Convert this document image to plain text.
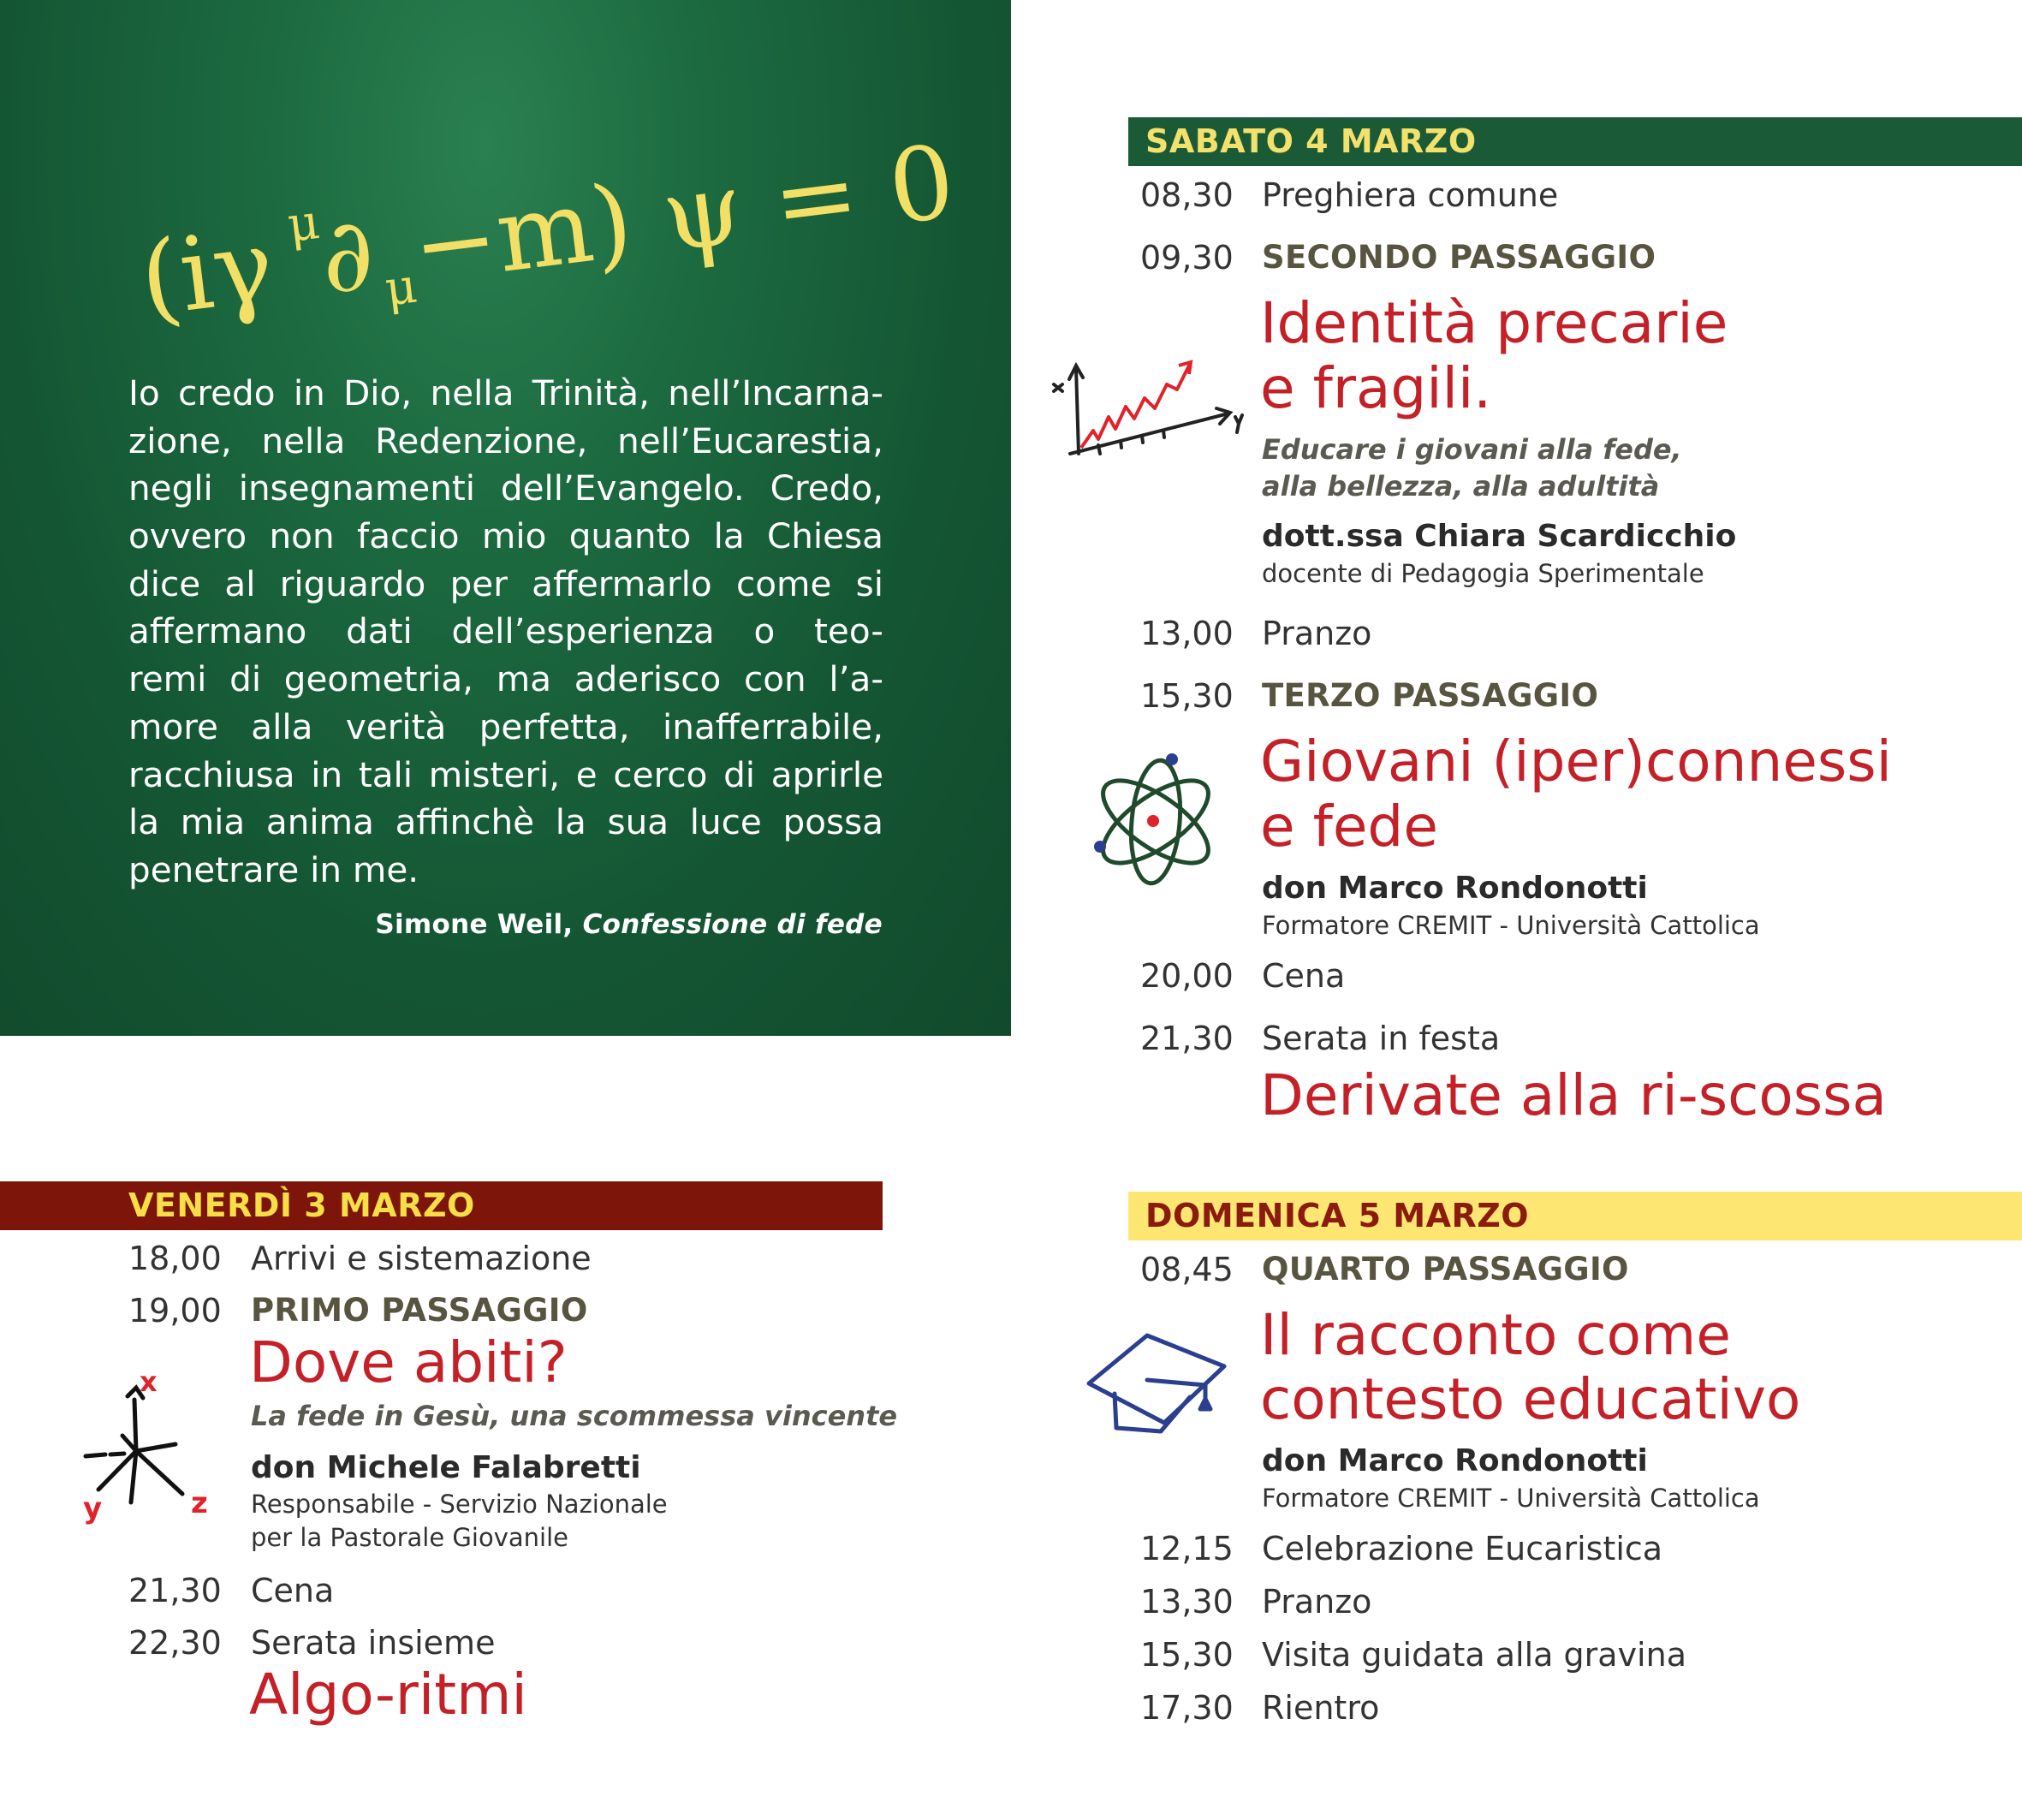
(iγ μ
∂ μ
−m) ψ = 0
Io credo in Dio, nella Trinità, nell’Incarna-
zione, nella Redenzione, nell’Eucarestia,
negli insegnamenti dell’Evangelo. Credo,
ovvero non faccio mio quanto la Chiesa
dice al riguardo per affermarlo come si
affermano dati dell’esperienza o teo-
remi di geometria, ma aderisco con l’a-
more alla verità perfetta, inafferrabile,
racchiusa in tali misteri, e cerco di aprirle
la mia anima affinchè la sua luce possa
penetrare in me.
Simone Weil, Confessione di fede
VENERDÌ 3 MARZO
18,00 Arrivi e sistemazione
19,00 PRIMO PASSAGGIO
Dove abiti?
La fede in Gesù, una scommessa vincente
don Michele Falabretti
Responsabile - Servizio Nazionale
per la Pastorale Giovanile
x
y	z
21,30 Cena
22,30 Serata insieme
Algo-ritmi
SABATO 4 MARZO
08,30 Preghiera comune
09,30 SECONDO PASSAGGIO
Identità precarie
e fragili.
Educare i giovani alla fede,
alla bellezza, alla adultità
dott.ssa Chiara Scardicchio
docente di Pedagogia Sperimentale
13,00 Pranzo
15,30 TERZO PASSAGGIO
Giovani (iper)connessi
e fede
don Marco Rondonotti
Formatore CREMIT - Università Cattolica
20,00 Cena
21,30 Serata in festa
Derivate alla ri-scossa
DOMENICA 5 MARZO
08,45 QUARTO PASSAGGIO
Il racconto come
contesto educativo
don Marco Rondonotti
Formatore CREMIT - Università Cattolica
12,15 Celebrazione Eucaristica
13,30 Pranzo
15,30 Visita guidata alla gravina
17,30 Rientro
